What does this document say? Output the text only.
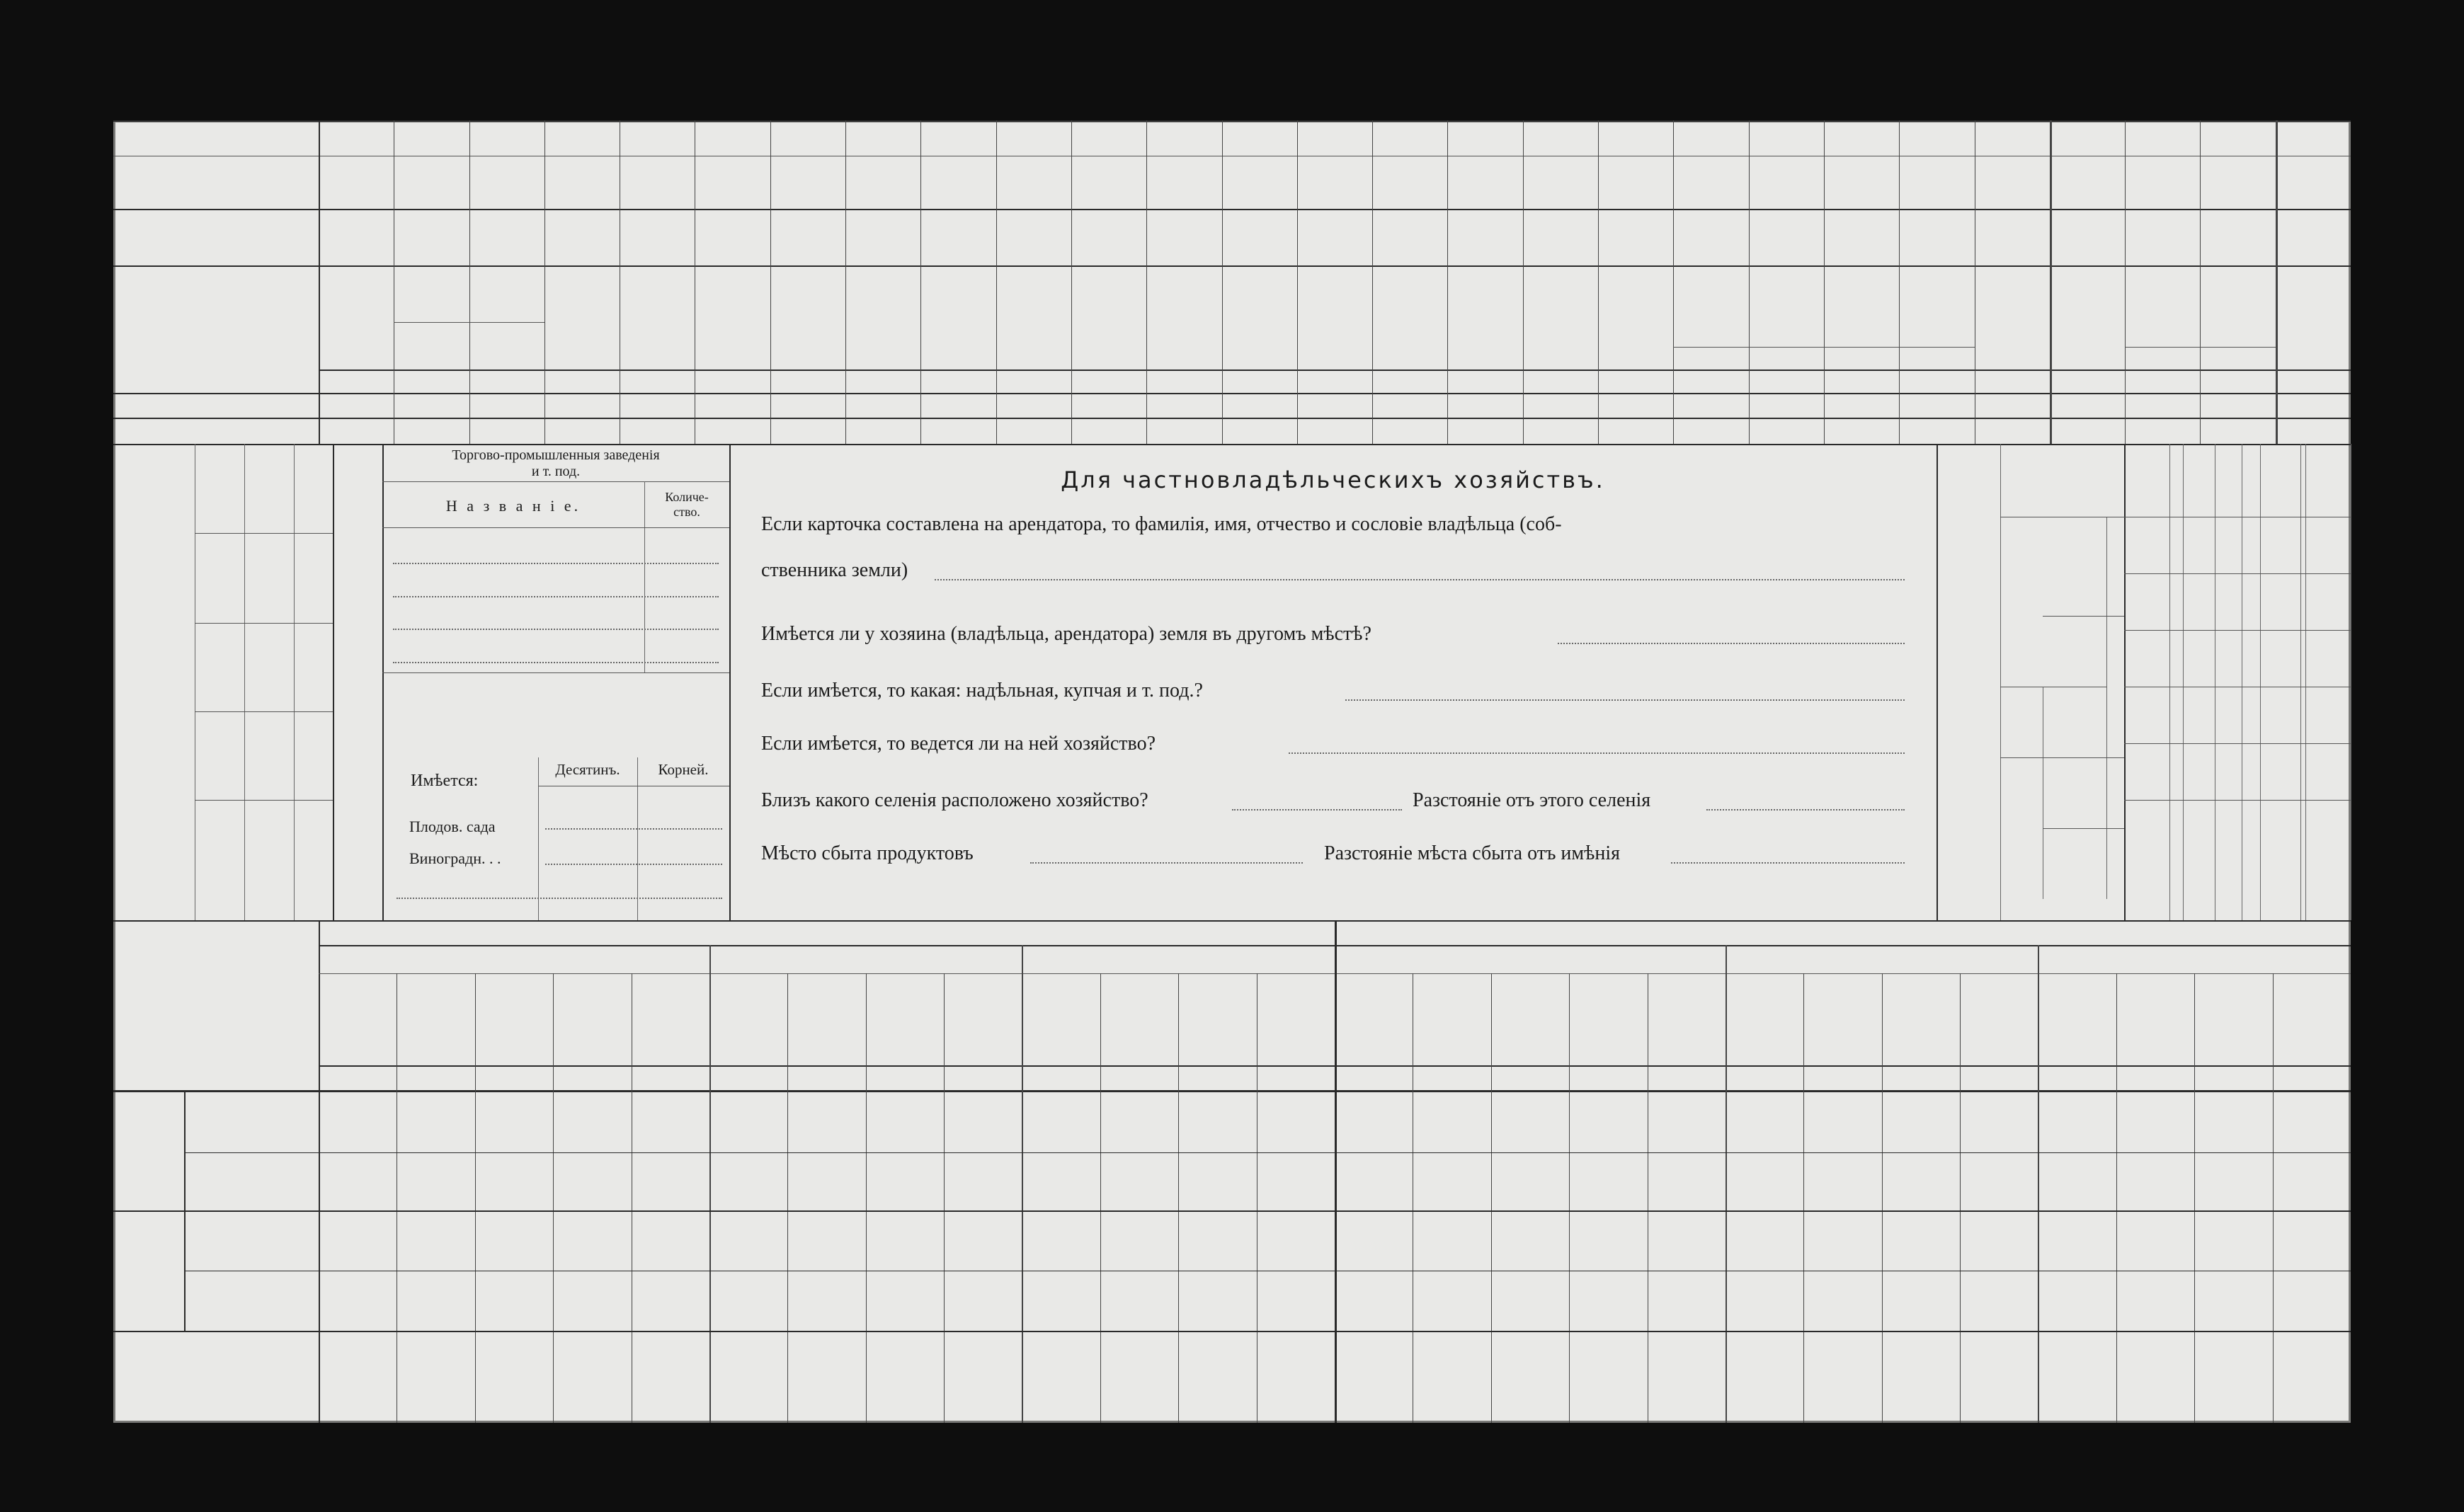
Торгово-промышленныя заведенія
и т. под.
Н а з в а н і е.	Количе-
ство.
Имѣется:
Десятинъ.	Корней.
Плодов. сада
Виноградн. . .
Для частновладѣльческихъ хозяйствъ.
Если карточка составлена на арендатора, то фамилія, имя, отчество и сословіе владѣльца (соб-
ственника земли)
Имѣется ли у хозяина (владѣльца, арендатора) земля въ другомъ мѣстѣ?
Если имѣется, то какая: надѣльная, купчая и т. под.?
Если имѣется, то ведется ли на ней хозяйство?
Близъ какого селенія расположено хозяйство?	Разстояніе отъ этого селенія
Мѣсто сбыта продуктовъ	Разстояніе мѣста сбыта отъ имѣнія
